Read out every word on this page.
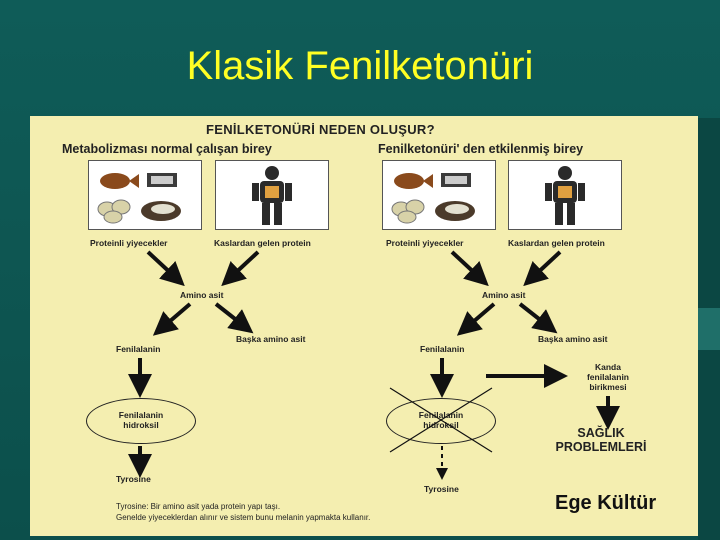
Klasik Fenilketonüri
FENİLKETONÜRİ NEDEN OLUŞUR?
Metabolizması normal çalışan birey	Fenilketonüri' den etkilenmiş birey
Proteinli yiyecekler	Kaslardan gelen protein	Proteinli yiyecekler	Kaslardan gelen protein
Amino asit	Amino asit
Başka amino asit	Başka amino asit
Fenilalanin	Fenilalanin
Kanda
fenilalanin
birikmesi
Fenilalanin
hidroksil
Fenilalanin
hidroksil
SAĞLIK
PROBLEMLERİ
Tyrosine
Tyrosine
Tyrosine: Bir amino asit yada protein yapı taşı.
Genelde yiyeceklerdan alınır ve sistem bunu melanin yapmakta kullanır.
Ege Kültür
